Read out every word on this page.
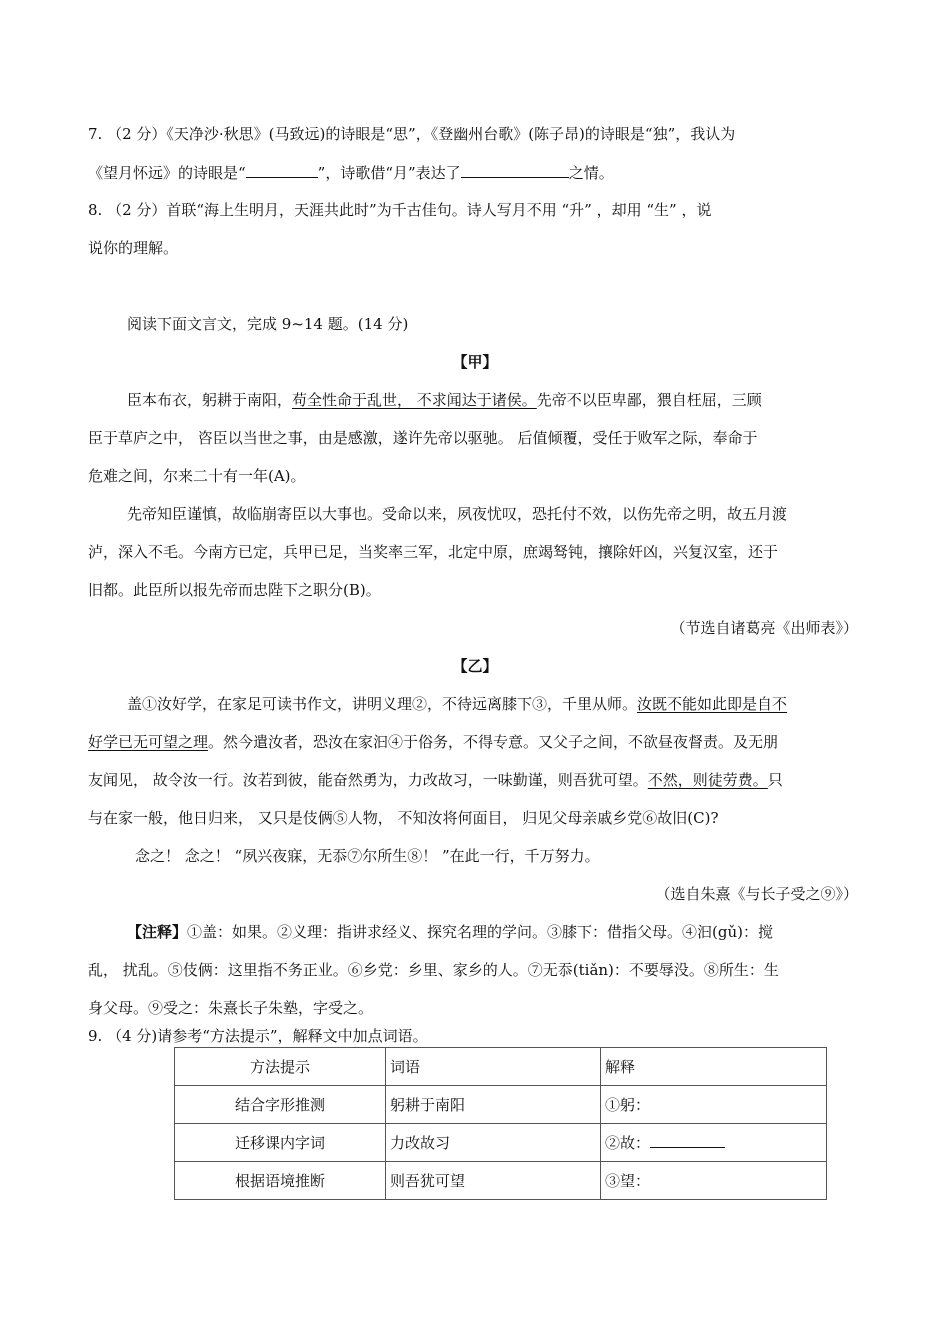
7. （2 分）《天净沙·秋思》(马致远)的诗眼是“思”，《登幽州台歌》(陈子昂)的诗眼是“独”，我认为
《望月怀远》的诗眼是“	”，诗歌借“月”表达了	之情。
8. （2 分）首联“海上生明月，天涯共此时”为千古佳句。诗人写月不用 “升” ，却用 “生” ，说
说你的理解。
阅读下面文言文，完成 9~14 题。(14 分)
【甲】
臣本布衣，躬耕于南阳，苟全性命于乱世， 不求闻达于诸侯。先帝不以臣卑鄙，猥自枉屈，三顾
臣于草庐之中， 咨臣以当世之事，由是感激，遂许先帝以驱驰。 后值倾覆，受任于败军之际，奉命于
危难之间，尔来二十有一年(A)。
先帝知臣谨慎，故临崩寄臣以大事也。受命以来，夙夜忧叹，恐托付不效，以伤先帝之明，故五月渡
泸，深入不毛。今南方已定，兵甲已足，当奖率三军，北定中原，庶竭驽钝，攘除奸凶，兴复汉室，还于
旧都。此臣所以报先帝而忠陛下之职分(B)。
（节选自诸葛亮《出师表》）
【乙】
盖①汝好学，在家足可读书作文，讲明义理②，不待远离膝下③，千里从师。汝既不能如此即是自不
好学已无可望之理。然今遣汝者，恐汝在家汩④于俗务，不得专意。又父子之间，不欲昼夜督责。及无朋
友闻见， 故令汝一行。汝若到彼，能奋然勇为，力改故习，一味勤谨，则吾犹可望。不然，则徒劳费。只
与在家一般，他日归来， 又只是伎俩⑤人物， 不知汝将何面目， 归见父母亲戚乡党⑥故旧(C)?
念之！ 念之！ “夙兴夜寐，无忝⑦尔所生⑧！ ”在此一行，千万努力。
（选自朱熹《与长子受之⑨》）
【注释】①盖：如果。②义理：指讲求经义、探究名理的学问。③膝下：借指父母。④汩(gǔ)：搅
乱， 扰乱。⑤伎俩：这里指不务正业。⑥乡党：乡里、家乡的人。⑦无忝(tiǎn)：不要辱没。⑧所生：生
身父母。⑨受之：朱熹长子朱塾，字受之。
9. （4 分)请参考“方法提示”，解释文中加点词语。
方法提示	词语	解释
结合字形推测	躬耕于南阳	①躬：
迁移课内字词	力改故习	②故：
根据语境推断	则吾犹可望	③望：
